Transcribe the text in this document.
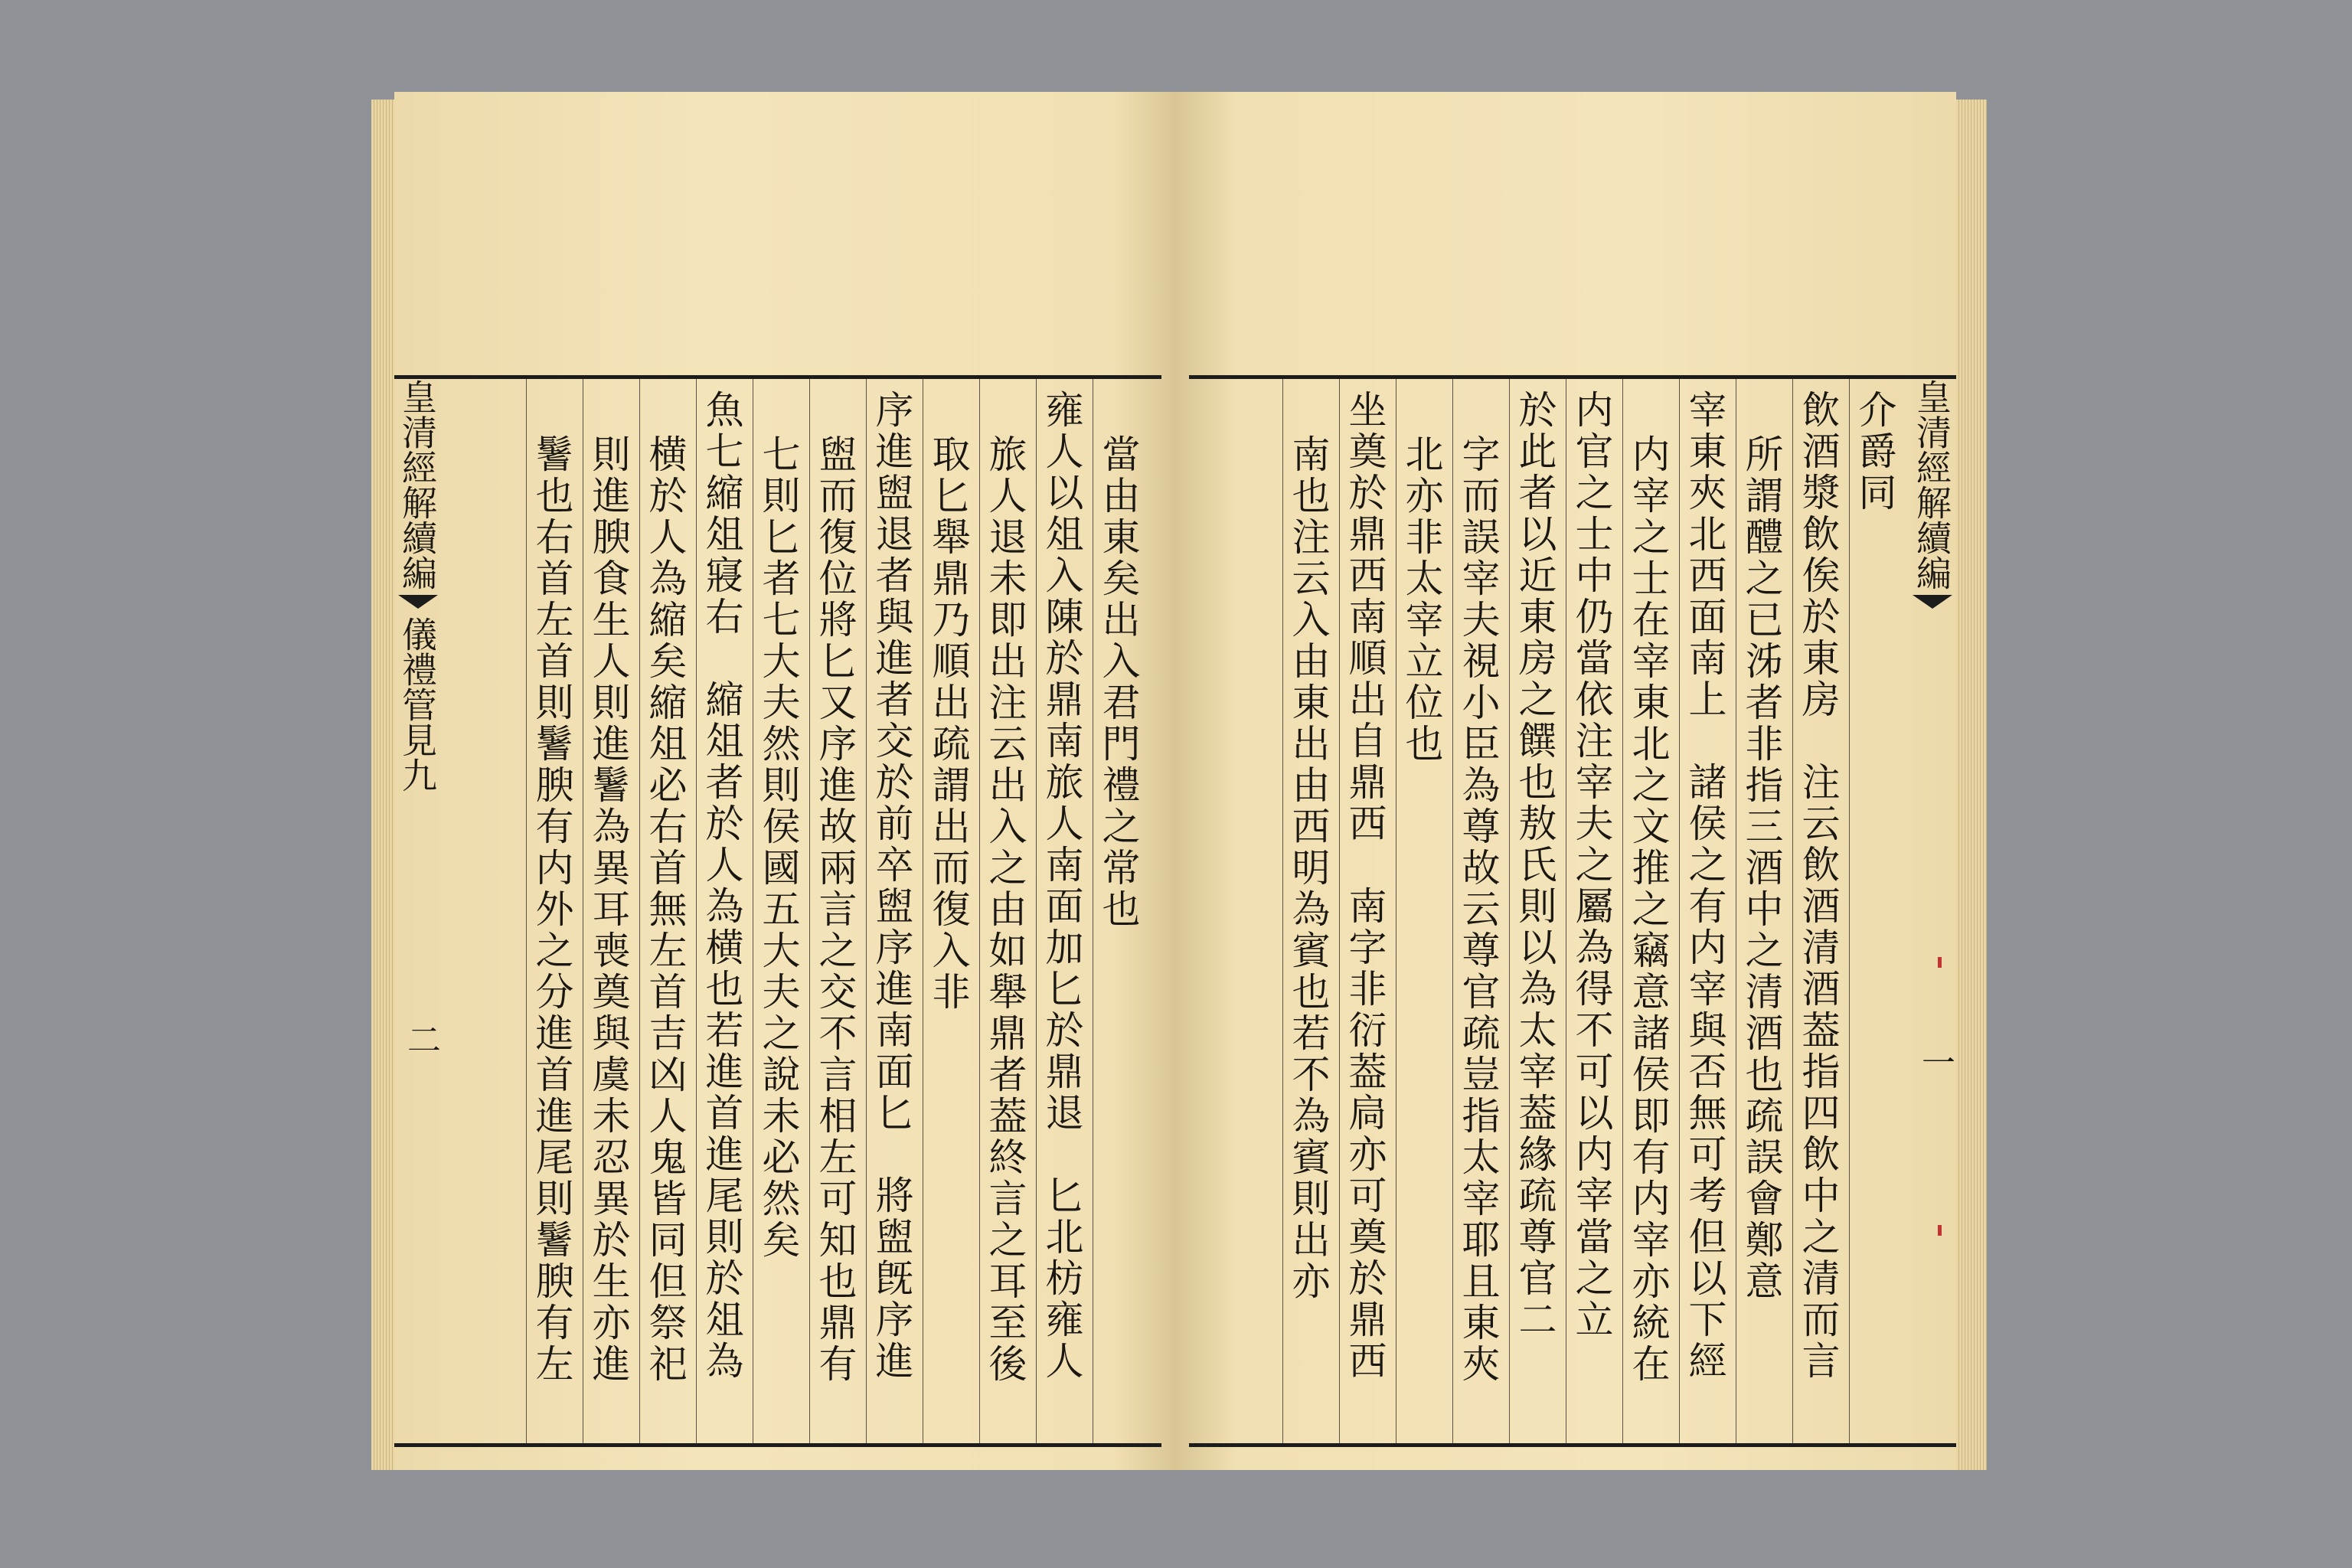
當由東矣出入君門禮之常也
雍人以俎入陳於鼎南旅人南面加匕於鼎退　匕北枋雍人
旅人退未即出注云出入之由如舉鼎者葢終言之耳至後
取匕舉鼎乃順出疏謂出而復入非
序進盥退者與進者交於前卒盥序進南面匕　將盥旣序進
盥而復位將匕又序進故兩言之交不言相左可知也鼎有
七則匕者七大夫然則侯國五大夫之說未必然矣
魚七縮俎寢右　縮俎者於人為横也若進首進尾則於俎為
横於人為縮矣縮俎必右首無左首吉凶人鬼皆同但祭祀
則進腴食生人則進鬐為異耳喪奠與虞未忍異於生亦進
鬐也右首左首則鬐腴有内外之分進首進尾則鬐腴有左
皇清經解續編
儀禮管見九
二
介爵同
飲酒漿飲俟於東房　注云飲酒清酒葢指四飲中之清而言
所謂醴之已泲者非指三酒中之清酒也疏誤會鄭意
宰東夾北西面南上　諸侯之有内宰與否無可考但以下經
内宰之士在宰東北之文推之竊意諸侯即有内宰亦統在
内官之士中仍當依注宰夫之屬為得不可以内宰當之立
於此者以近東房之饌也敖氏則以為太宰葢緣疏尊官二
字而誤宰夫視小臣為尊故云尊官疏豈指太宰耶且東夾
北亦非太宰立位也
坐奠於鼎西南順出自鼎西　南字非衍葢扃亦可奠於鼎西
南也注云入由東出由西明為賓也若不為賓則出亦	皇清經解續編
一
